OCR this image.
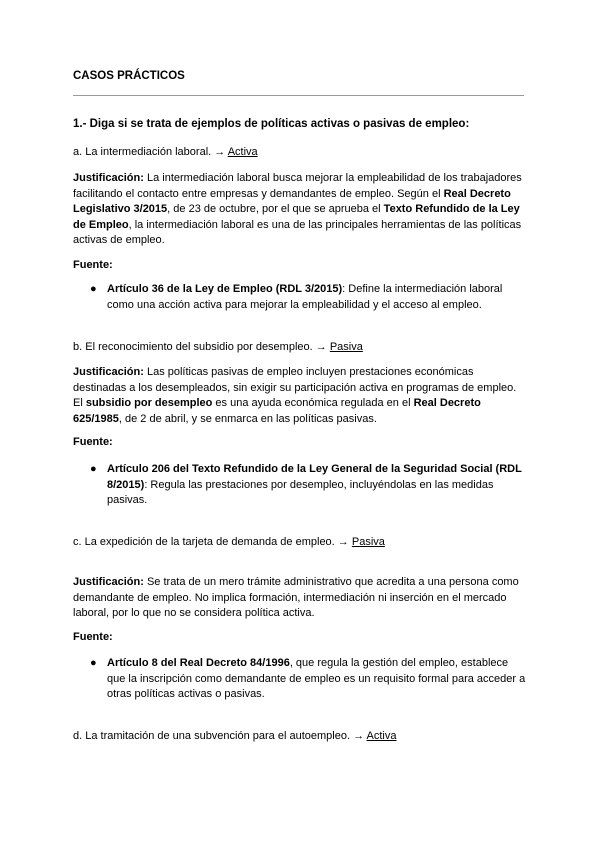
CASOS PRÁCTICOS
1.- Diga si se trata de ejemplos de políticas activas o pasivas de empleo:
a. La intermediación laboral. → Activa
Justificación: La intermediación laboral busca mejorar la empleabilidad de los trabajadores facilitando el contacto entre empresas y demandantes de empleo. Según el Real Decreto Legislativo 3/2015, de 23 de octubre, por el que se aprueba el Texto Refundido de la Ley de Empleo, la intermediación laboral es una de las principales herramientas de las políticas activas de empleo.
Fuente:
● Artículo 36 de la Ley de Empleo (RDL 3/2015): Define la intermediación laboral como una acción activa para mejorar la empleabilidad y el acceso al empleo.
b. El reconocimiento del subsidio por desempleo. → Pasiva
Justificación: Las políticas pasivas de empleo incluyen prestaciones económicas destinadas a los desempleados, sin exigir su participación activa en programas de empleo. El subsidio por desempleo es una ayuda económica regulada en el Real Decreto 625/1985, de 2 de abril, y se enmarca en las políticas pasivas.
Fuente:
● Artículo 206 del Texto Refundido de la Ley General de la Seguridad Social (RDL 8/2015): Regula las prestaciones por desempleo, incluyéndolas en las medidas pasivas.
c. La expedición de la tarjeta de demanda de empleo. → Pasiva
Justificación: Se trata de un mero trámite administrativo que acredita a una persona como demandante de empleo. No implica formación, intermediación ni inserción en el mercado laboral, por lo que no se considera política activa.
Fuente:
● Artículo 8 del Real Decreto 84/1996, que regula la gestión del empleo, establece que la inscripción como demandante de empleo es un requisito formal para acceder a otras políticas activas o pasivas.
d. La tramitación de una subvención para el autoempleo. → Activa
